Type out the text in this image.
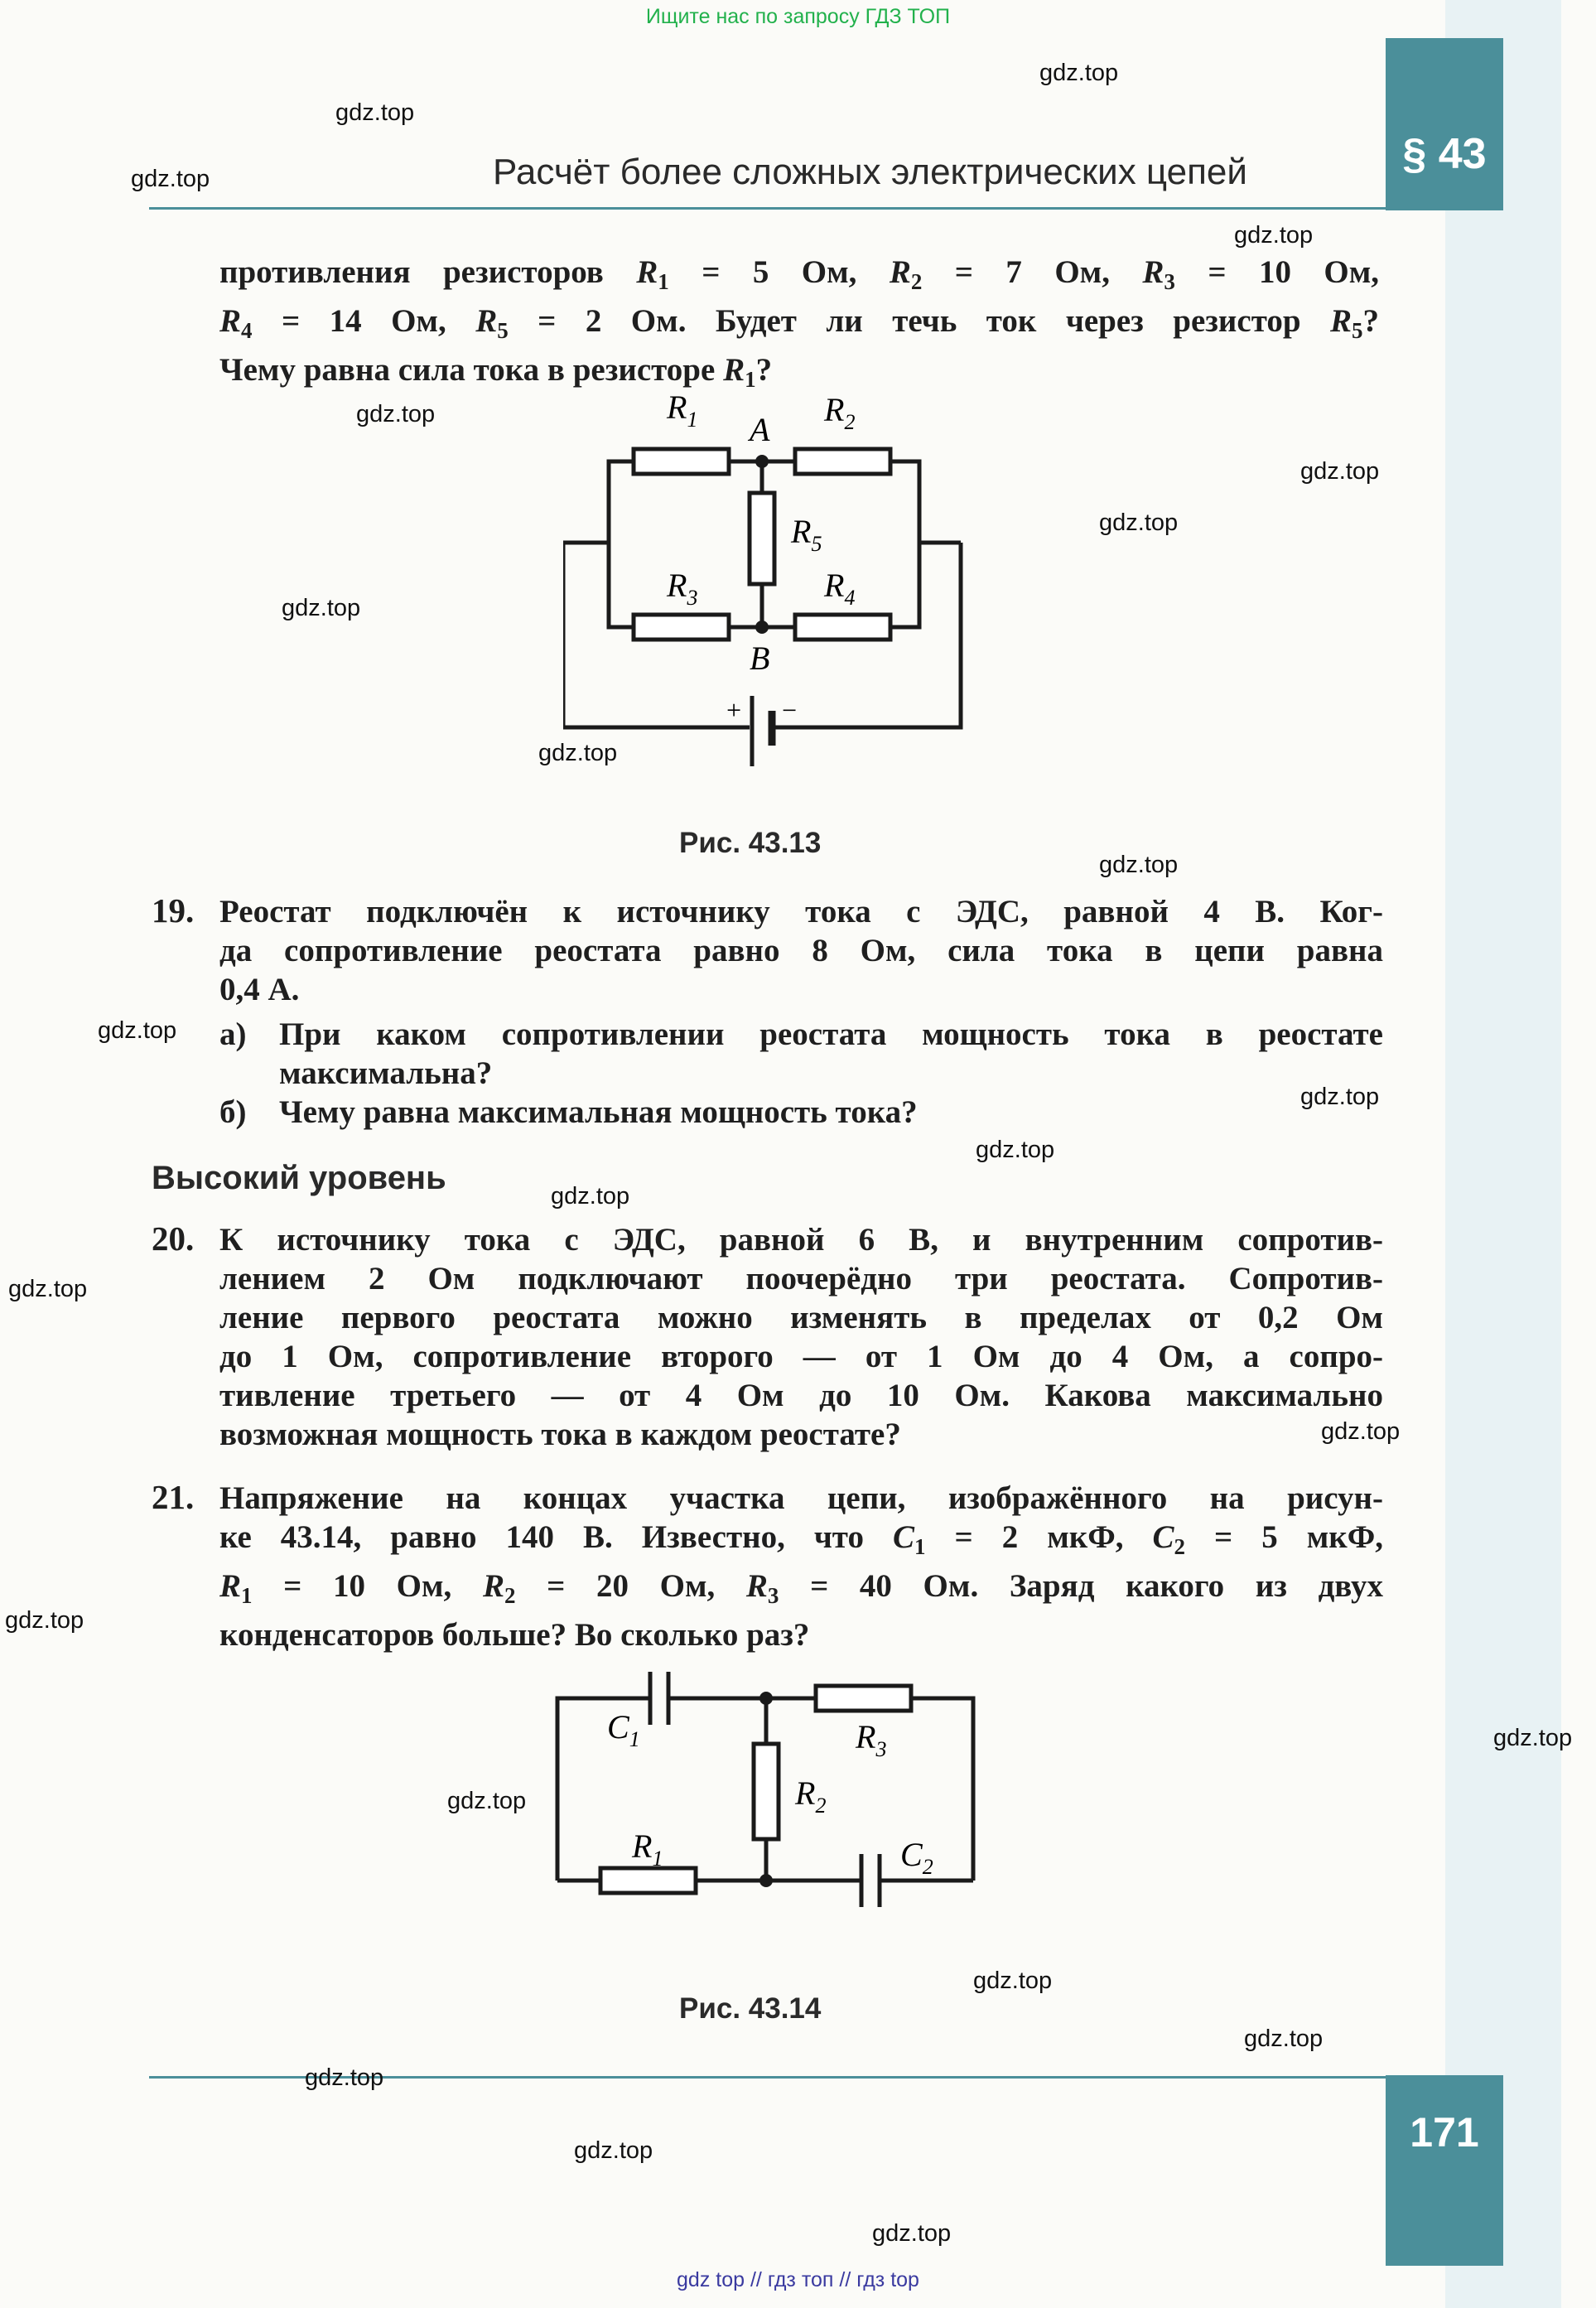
Ищите нас по запросу ГДЗ ТОП
§ 43
Расчёт более сложных электрических цепей
противления резисторов $R_1 = 5$ Ом, $R_2 = 7$ Ом, $R_3 = 10$ Ом,
$R_4 = 14$ Ом, $R_5 = 2$ Ом. Будет ли течь ток через резистор $R_5$?
Чему равна сила тока в резисторе $R_1$?
$R_1$	$R_2$
A
$R_5$
$R_3$	$R_4$
B
+ −
Рис. 43.13
19. Реостат подключён к источнику тока с ЭДС, равной 4 В. Ког-
да сопротивление реостата равно 8 Ом, сила тока в цепи равна
0,4 А.
а) При каком сопротивлении реостата мощность тока в реостате
максимальна?
б) Чему равна максимальная мощность тока?
Высокий уровень
20. К источнику тока с ЭДС, равной 6 В, и внутренним сопротив-
лением 2 Ом подключают поочерёдно три реостата. Сопротив-
ление первого реостата можно изменять в пределах от 0,2 Ом
до 1 Ом, сопротивление второго — от 1 Ом до 4 Ом, а сопро-
тивление третьего — от 4 Ом до 10 Ом. Какова максимально
возможная мощность тока в каждом реостате?
21. Напряжение на концах участка цепи, изображённого на рисун-
ке 43.14, равно 140 В. Известно, что $C_1 = 2$ мкФ, $C_2 = 5$ мкФ,
$R_1 = 10$ Ом, $R_2 = 20$ Ом, $R_3 = 40$ Ом. Заряд какого из двух
конденсаторов больше? Во сколько раз?
$C_1$	$R_3$
$R_2$
$R_1$	$C_2$
Рис. 43.14
171
gdz.top
gdz.top
gdz.top
gdz.top
gdz.top
gdz.top
gdz.top
gdz.top
gdz.top
gdz.top
gdz.top
gdz.top
gdz.top
gdz.top
gdz.top
gdz.top
gdz.top
gdz.top
gdz.top
gdz.top
gdz.top
gdz.top
gdz.top
gdz.top
gdz top // гдз топ // гдз top
